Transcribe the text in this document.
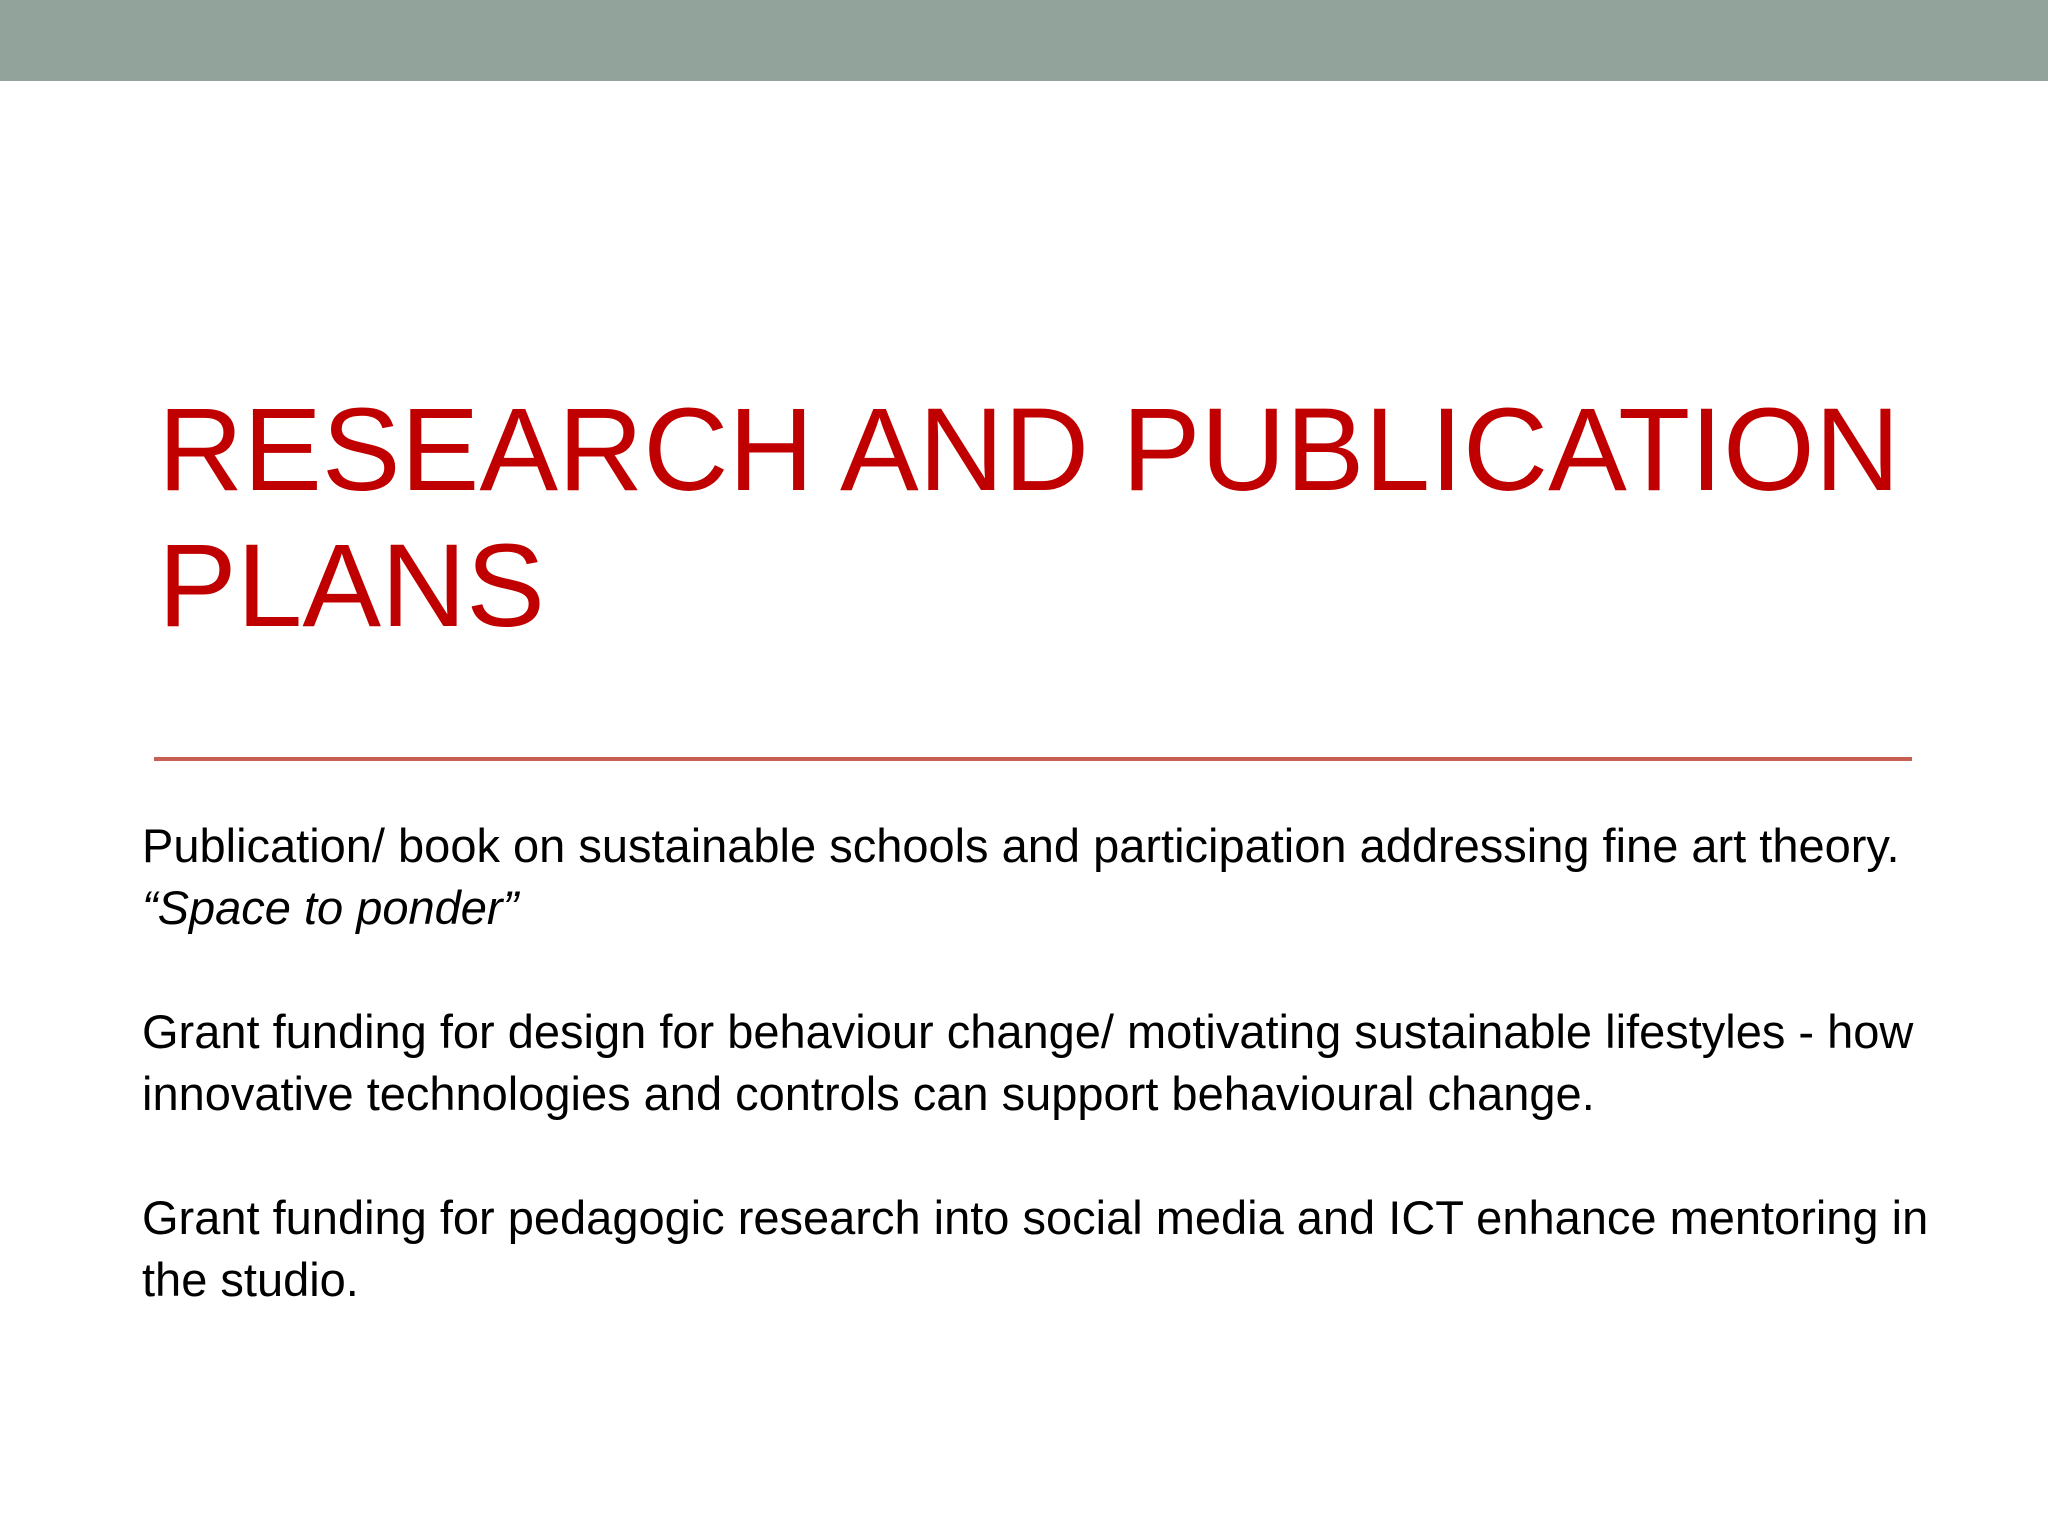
RESEARCH AND PUBLICATION PLANS

Publication/ book on sustainable schools and participation addressing fine art theory. “Space to ponder”

Grant funding for design for behaviour change/ motivating sustainable lifestyles - how innovative technologies and controls can support behavioural change.

Grant funding for pedagogic research into social media and ICT enhance mentoring in the studio.
